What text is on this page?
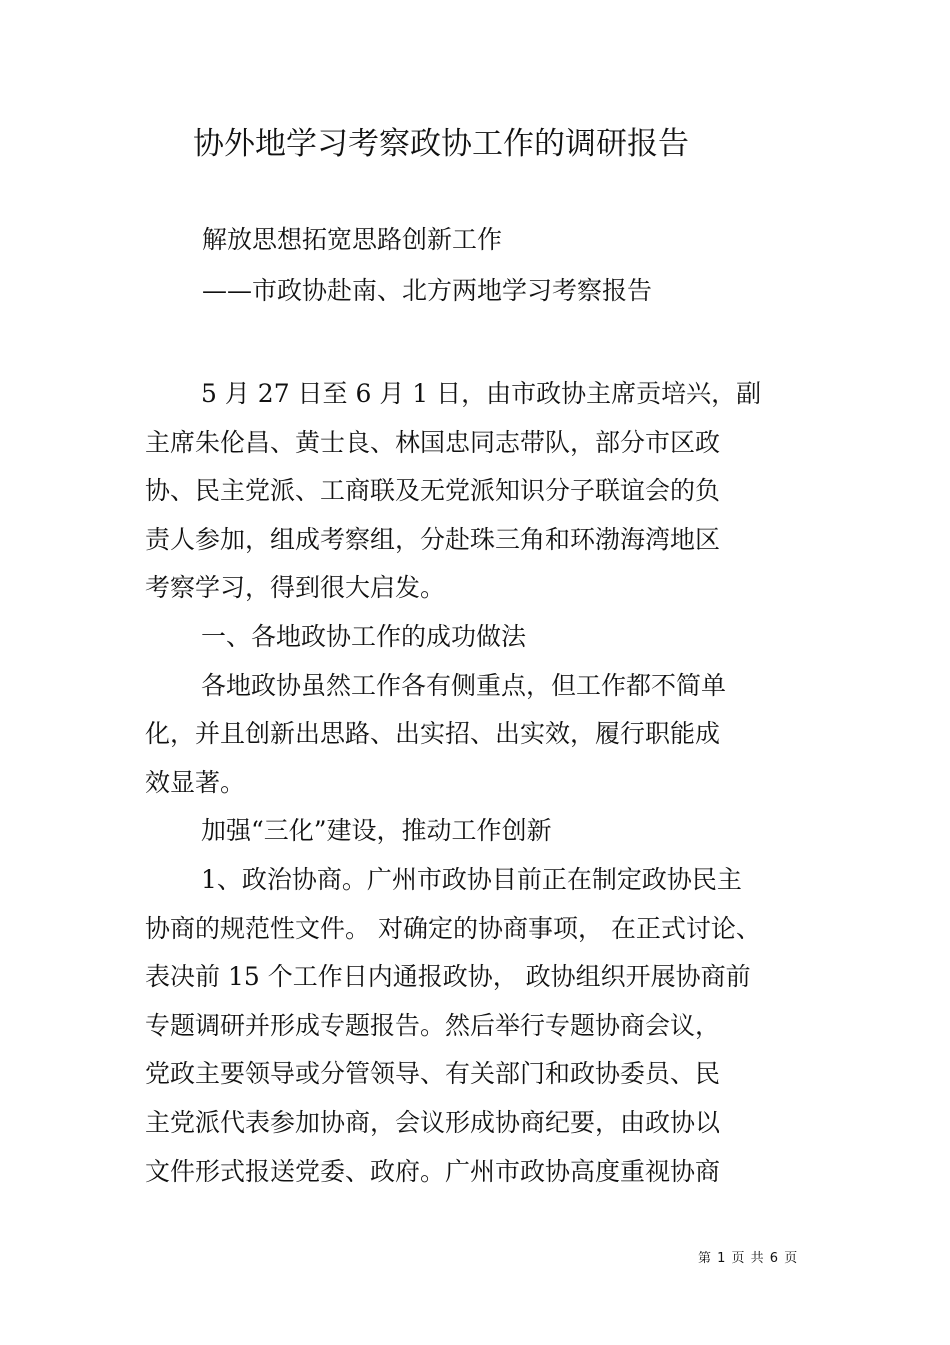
协外地学习考察政协工作的调研报告
解放思想拓宽思路创新工作
——市政协赴南、北方两地学习考察报告
5 月 27 日至 6 月 1 日，由市政协主席贡培兴，副
主席朱伦昌、黄士良、林国忠同志带队，部分市区政
协、民主党派、工商联及无党派知识分子联谊会的负
责人参加，组成考察组，分赴珠三角和环渤海湾地区
考察学习，得到很大启发。
一、各地政协工作的成功做法
各地政协虽然工作各有侧重点，但工作都不简单
化，并且创新出思路、出实招、出实效，履行职能成
效显著。
加强“三化”建设，推动工作创新
1、政治协商。广州市政协目前正在制定政协民主
协商的规范性文件。 对确定的协商事项， 在正式讨论、
表决前 15 个工作日内通报政协， 政协组织开展协商前
专题调研并形成专题报告。然后举行专题协商会议，
党政主要领导或分管领导、有关部门和政协委员、民
主党派代表参加协商，会议形成协商纪要，由政协以
文件形式报送党委、政府。广州市政协高度重视协商
第 1 页 共 6 页
